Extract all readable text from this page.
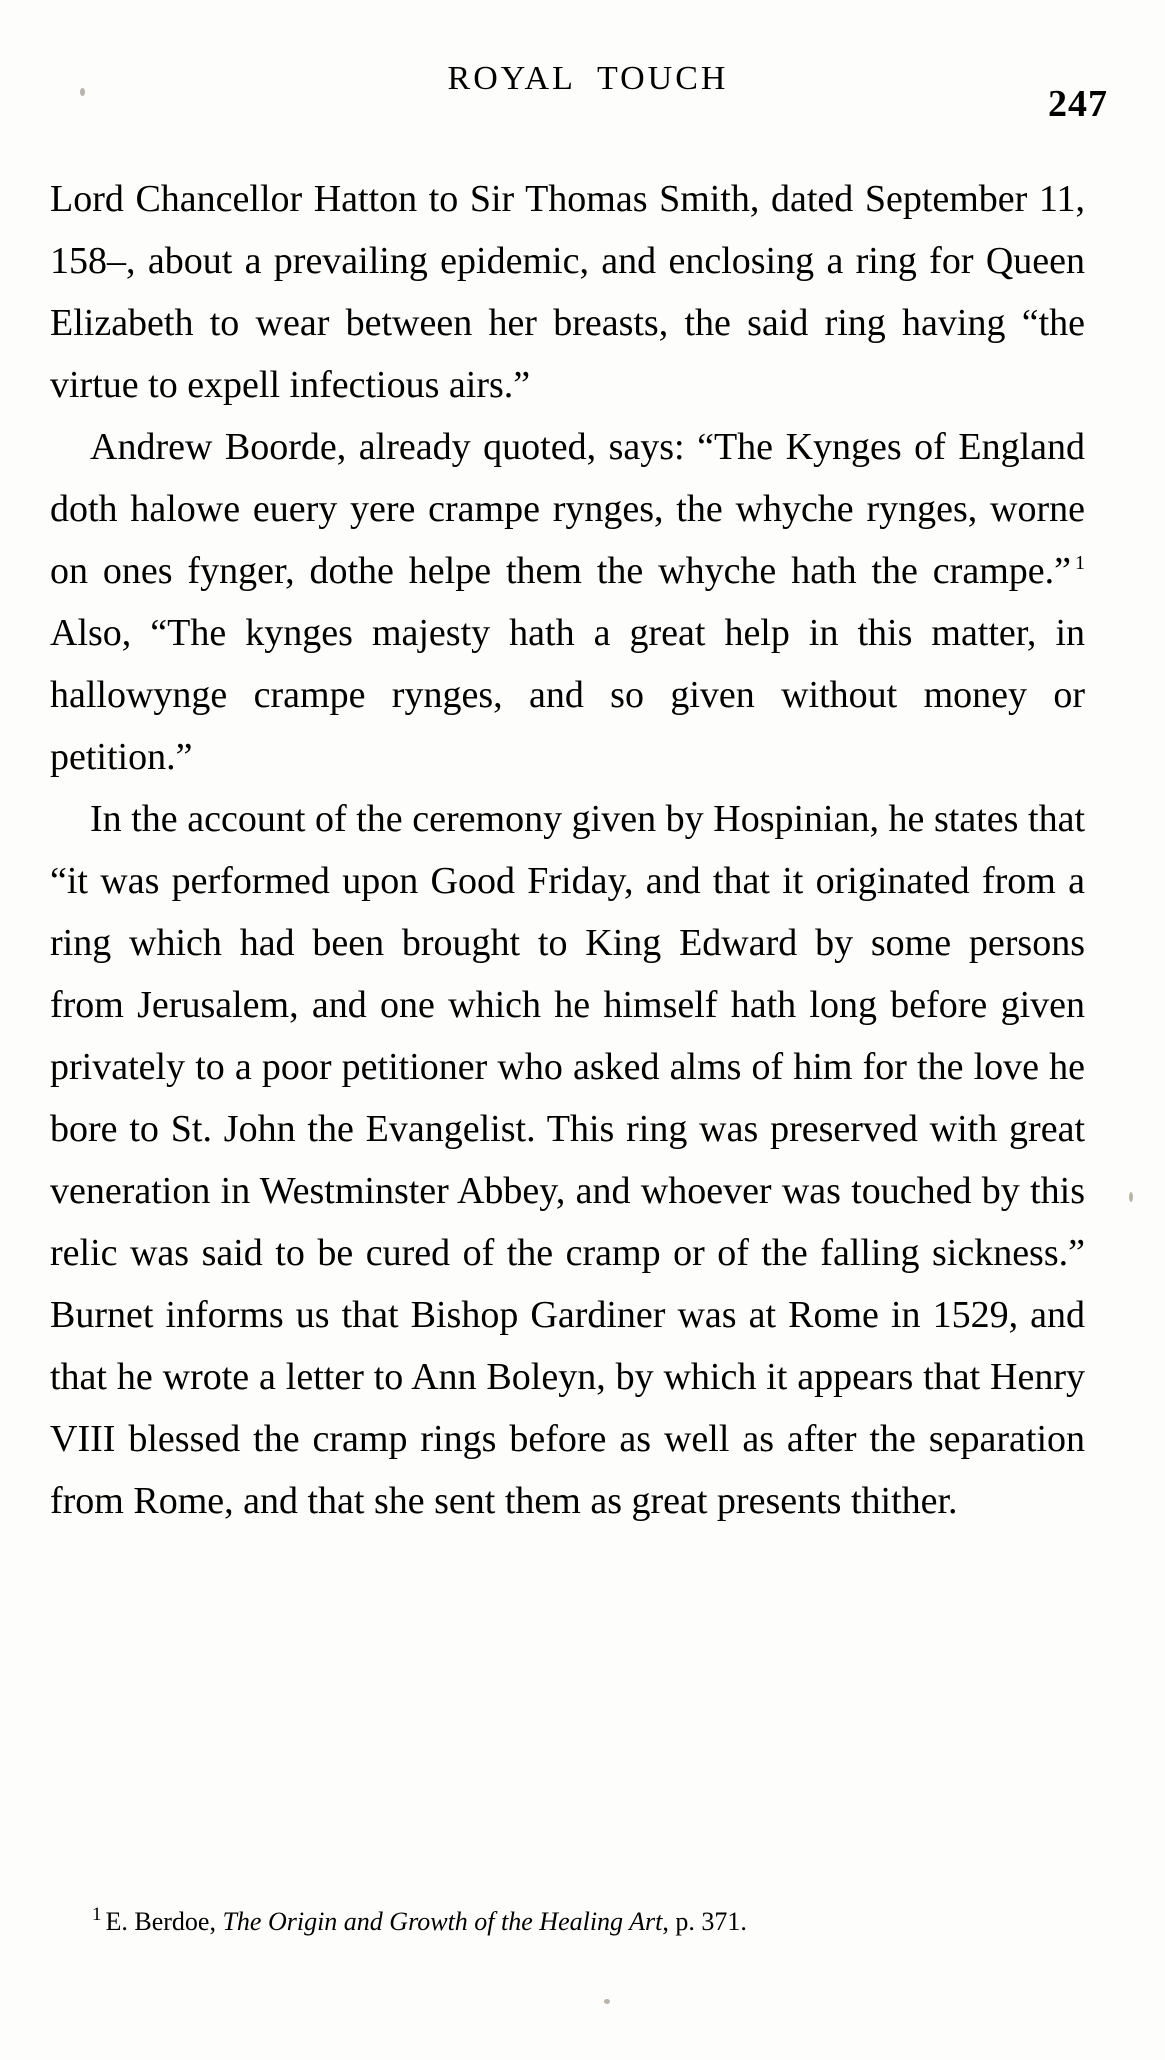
ROYAL  TOUCH
247

Lord Chancellor Hatton to Sir Thomas Smith, dated September 11, 158–, about a prevailing epidemic, and enclosing a ring for Queen Elizabeth to wear between her breasts, the said ring having “the virtue to expell infectious airs.”

Andrew Boorde, already quoted, says: “The Kynges of England doth halowe euery yere crampe rynges, the whyche rynges, worne on ones fynger, dothe helpe them the whyche hath the crampe.” $^1$ Also, “The kynges majesty hath a great help in this matter, in hallowynge crampe rynges, and so given without money or petition.”

In the account of the ceremony given by Hospinian, he states that “it was performed upon Good Friday, and that it originated from a ring which had been brought to King Edward by some persons from Jerusalem, and one which he himself hath long before given privately to a poor petitioner who asked alms of him for the love he bore to St. John the Evangelist. This ring was preserved with great veneration in Westminster Abbey, and whoever was touched by this relic was said to be cured of the cramp or of the falling sickness.” Burnet informs us that Bishop Gardiner was at Rome in 1529, and that he wrote a letter to Ann Boleyn, by which it appears that Henry VIII blessed the cramp rings before as well as after the separation from Rome, and that she sent them as great presents thither.

$^1$ E. Berdoe, The Origin and Growth of the Healing Art, p. 371.
